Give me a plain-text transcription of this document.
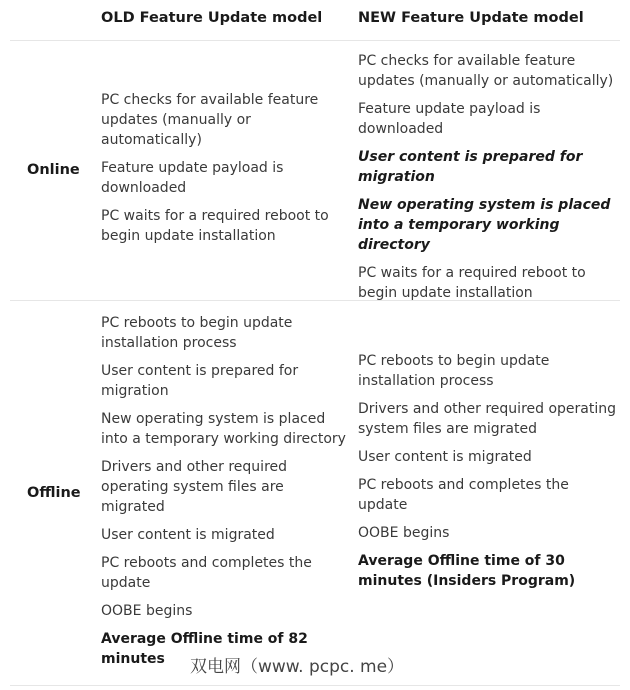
OLD Feature Update model NEW Feature Update model
Online

PC checks for available feature updates (manually or automatically)

Feature update payload is downloaded

PC waits for a required reboot to begin update installation

PC checks for available feature updates (manually or automatically)

Feature update payload is downloaded

User content is prepared for migration

New operating system is placed into a temporary working directory

PC waits for a required reboot to begin update installation

Offline

PC reboots to begin update installation process

User content is prepared for migration

New operating system is placed into a temporary working directory

Drivers and other required operating system files are migrated

User content is migrated

PC reboots and completes the update

OOBE begins

Average Offline time of 82 minutes

PC reboots to begin update installation process

Drivers and other required operating system files are migrated

User content is migrated

PC reboots and completes the update

OOBE begins

Average Offline time of 30 minutes (Insiders Program)

双电网（www. pcpc. me）
